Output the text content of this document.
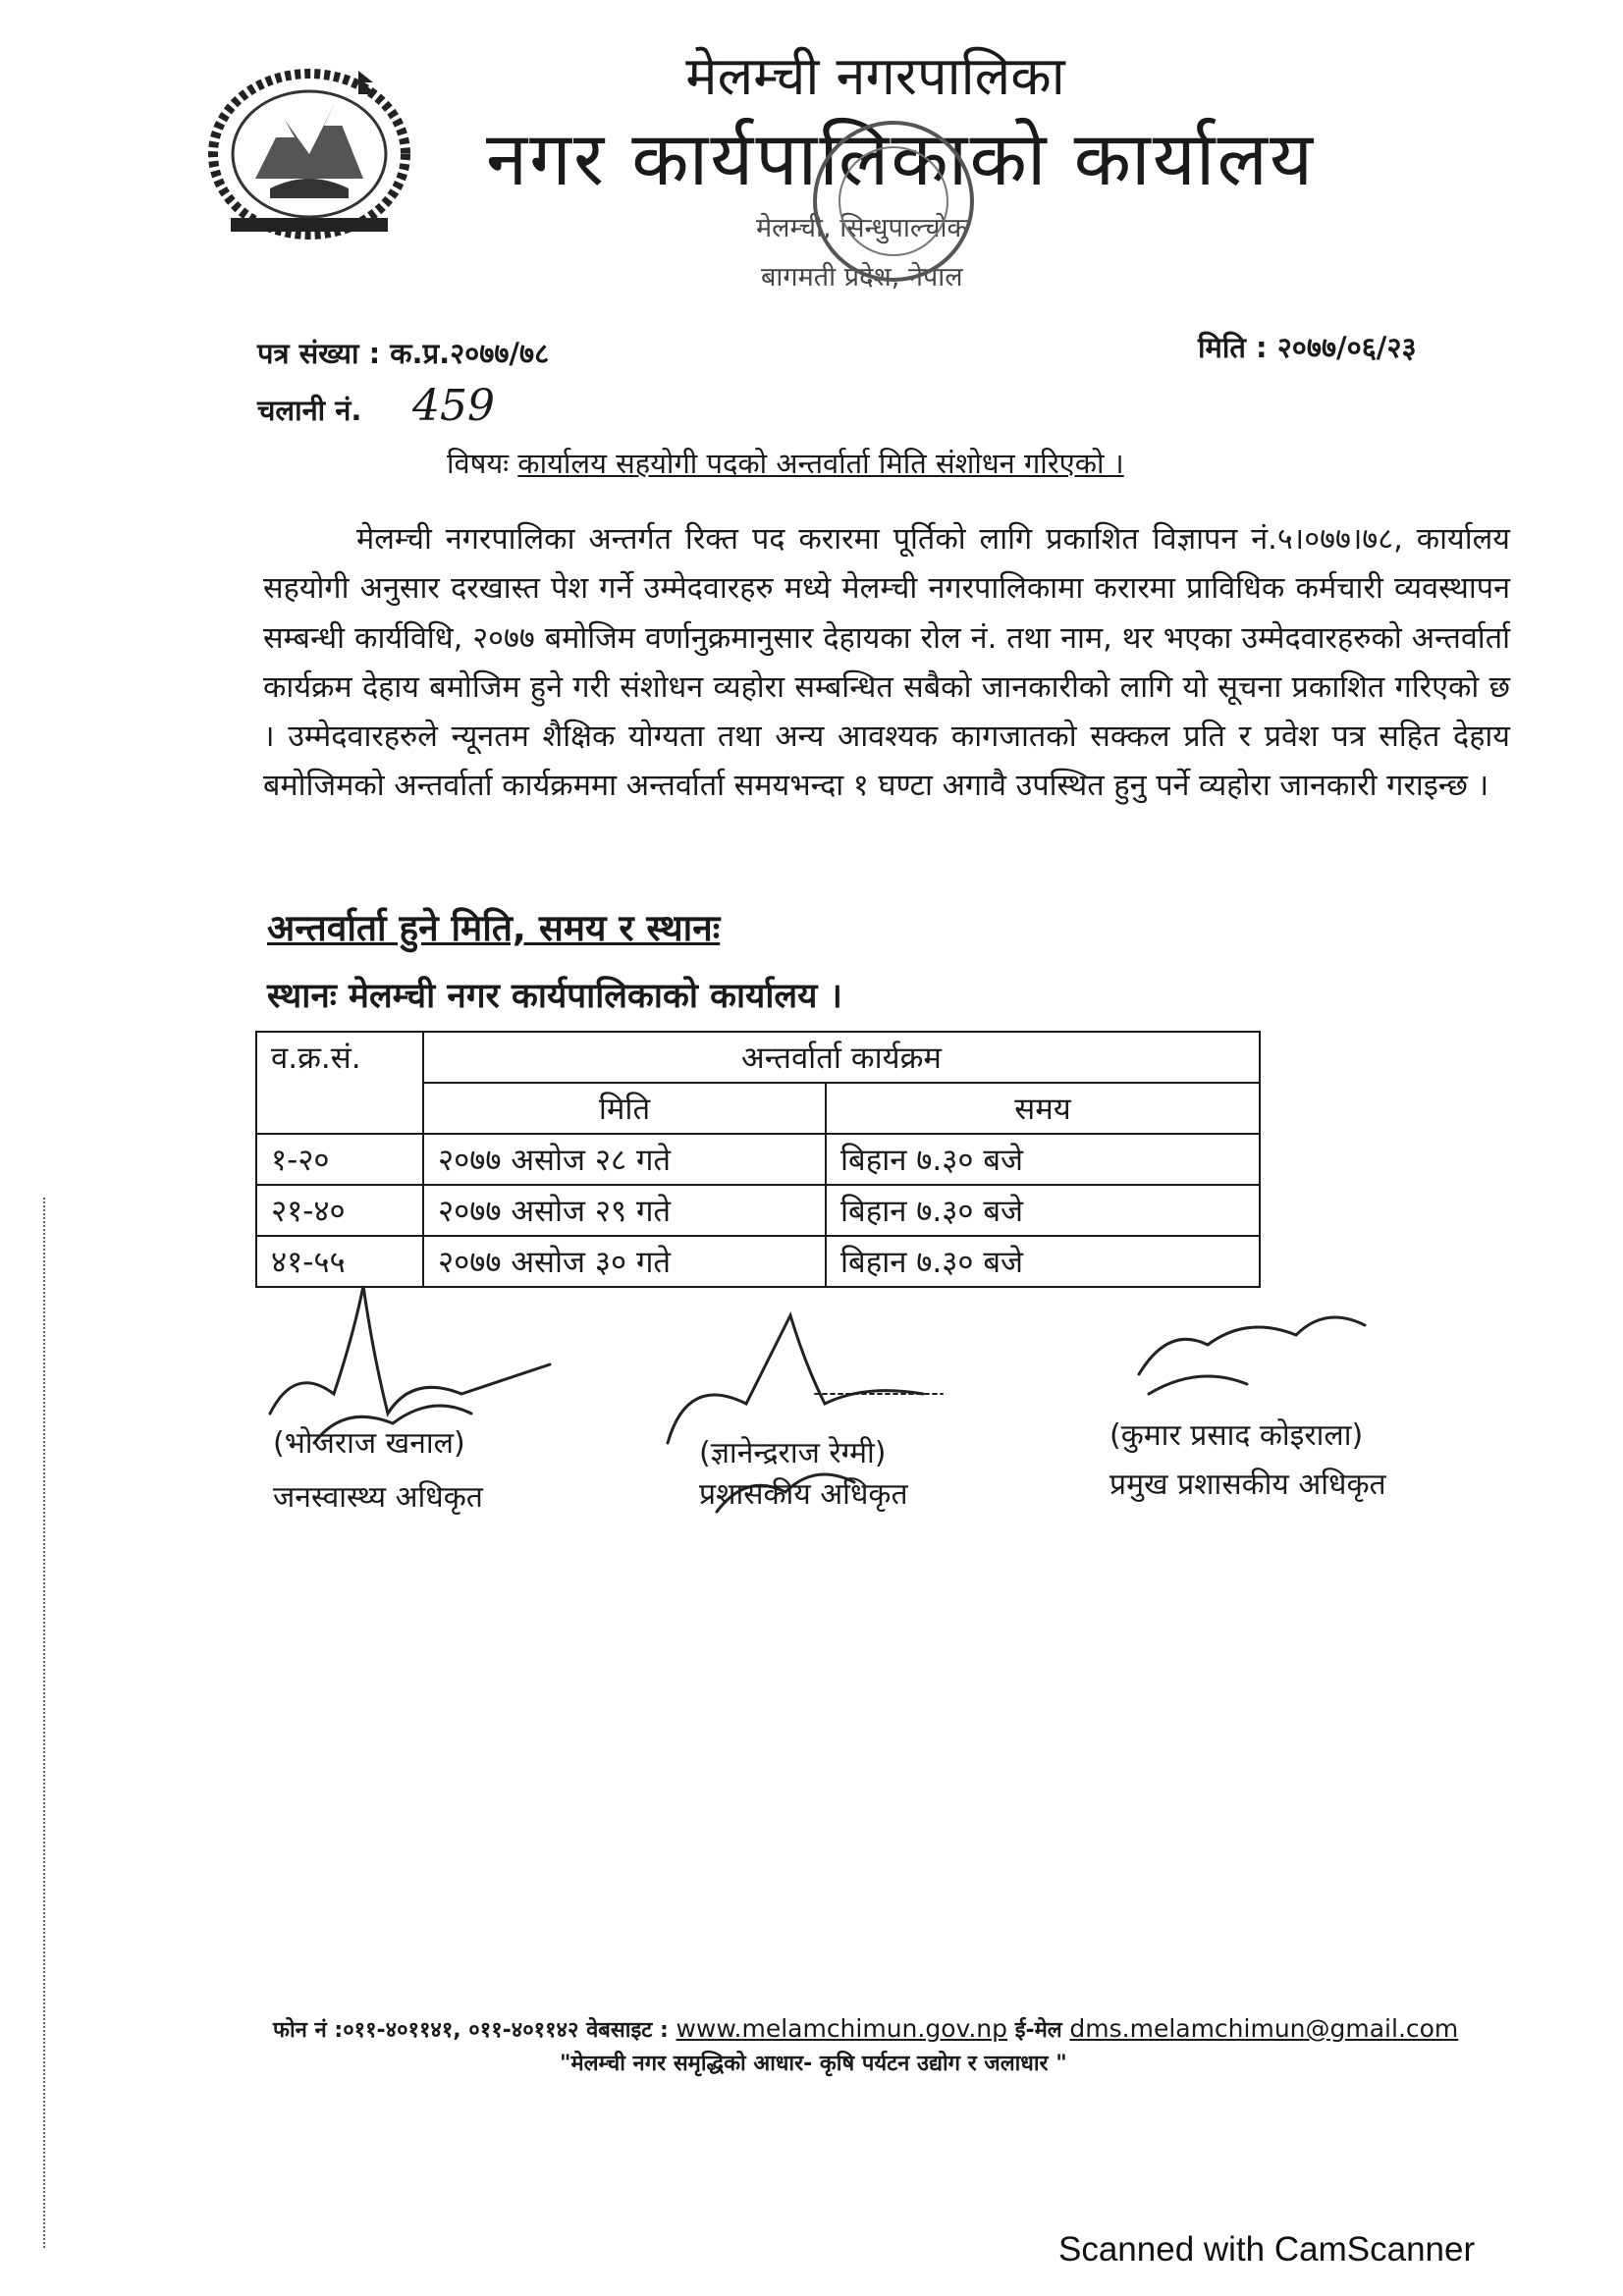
मेलम्ची नगरपालिका
नगर कार्यपालिकाको कार्यालय
मेलम्ची, सिन्धुपाल्चोक
बागमती प्रदेश, नेपाल
पत्र संख्या : क.प्र.२०७७/७८	मिति : २०७७/०६/२३
चलानी नं. 459
विषयः कार्यालय सहयोगी पदको अन्तर्वार्ता मिति संशोधन गरिएको ।
मेलम्ची नगरपालिका अन्तर्गत रिक्त पद करारमा पूर्तिको लागि प्रकाशित विज्ञापन नं.५।०७७।७८, कार्यालय सहयोगी अनुसार दरखास्त पेश गर्ने उम्मेदवारहरु मध्ये मेलम्ची नगरपालिकामा करारमा प्राविधिक कर्मचारी व्यवस्थापन सम्बन्धी कार्यविधि, २०७७ बमोजिम वर्णानुक्रमानुसार देहायका रोल नं. तथा नाम, थर भएका उम्मेदवारहरुको अन्तर्वार्ता कार्यक्रम देहाय बमोजिम हुने गरी संशोधन व्यहोरा सम्बन्धित सबैको जानकारीको लागि यो सूचना प्रकाशित गरिएको छ । उम्मेदवारहरुले न्यूनतम शैक्षिक योग्यता तथा अन्य आवश्यक कागजातको सक्कल प्रति र प्रवेश पत्र सहित देहाय बमोजिमको अन्तर्वार्ता कार्यक्रममा अन्तर्वार्ता समयभन्दा १ घण्टा अगावै उपस्थित हुनु पर्ने व्यहोरा जानकारी गराइन्छ ।
अन्तर्वार्ता हुने मिति, समय र स्थानः
स्थानः मेलम्ची नगर कार्यपालिकाको कार्यालय ।
व.क्र.सं.	अन्तर्वार्ता कार्यक्रम	
	मिति	समय
१-२०	२०७७ असोज २८ गते	बिहान ७.३० बजे
२१-४०	२०७७ असोज २९ गते	बिहान ७.३० बजे
४१-५५	२०७७ असोज ३० गते	बिहान ७.३० बजे
(भोजराज खनाल)
जनस्वास्थ्य अधिकृत
(ज्ञानेन्द्रराज रेग्मी)
प्रशासकीय अधिकृत
(कुमार प्रसाद कोइराला)
प्रमुख प्रशासकीय अधिकृत
फोन नं :०११-४०११४१, ०११-४०११४२ वेबसाइट : www.melamchimun.gov.np ई-मेल dms.melamchimun@gmail.com
"मेलम्ची नगर समृद्धिको आधार- कृषि पर्यटन उद्योग र जलाधार "
Scanned with CamScanner
